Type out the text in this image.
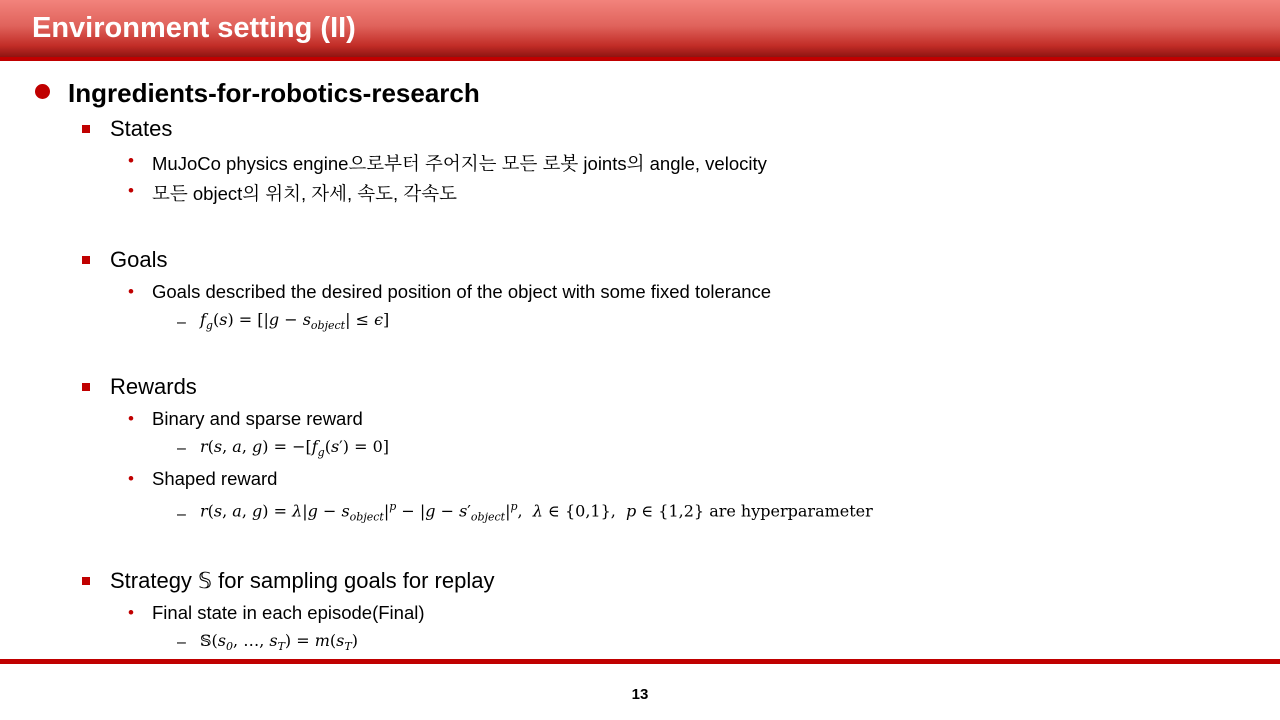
Environment setting (II)
Ingredients-for-robotics-research
States
• MuJoCo physics engine으로부터 주어지는 모든 로봇 joints의 angle, velocity
• 모든 object의 위치, 자세, 속도, 각속도
Goals
• Goals described the desired position of the object with some fixed tolerance
– $f_g(s) = [|g - s_{object}| \le \epsilon]$
Rewards
• Binary and sparse reward
– r(s, a, $g) = -[f_g(s') = 0]$
• Shaped reward
– r(s, a, $g) = \lambda|g - s_{object}|^p - |g - s'_{object}|^p$,  λ ∈ {0,1},  p ∈ {1,2} are hyperparameter
Strategy 𝕊 for sampling goals for replay
• Final state in each episode(Final)
– $𝕊(s_0$, …, $s_T) = m(s_T)$
13
